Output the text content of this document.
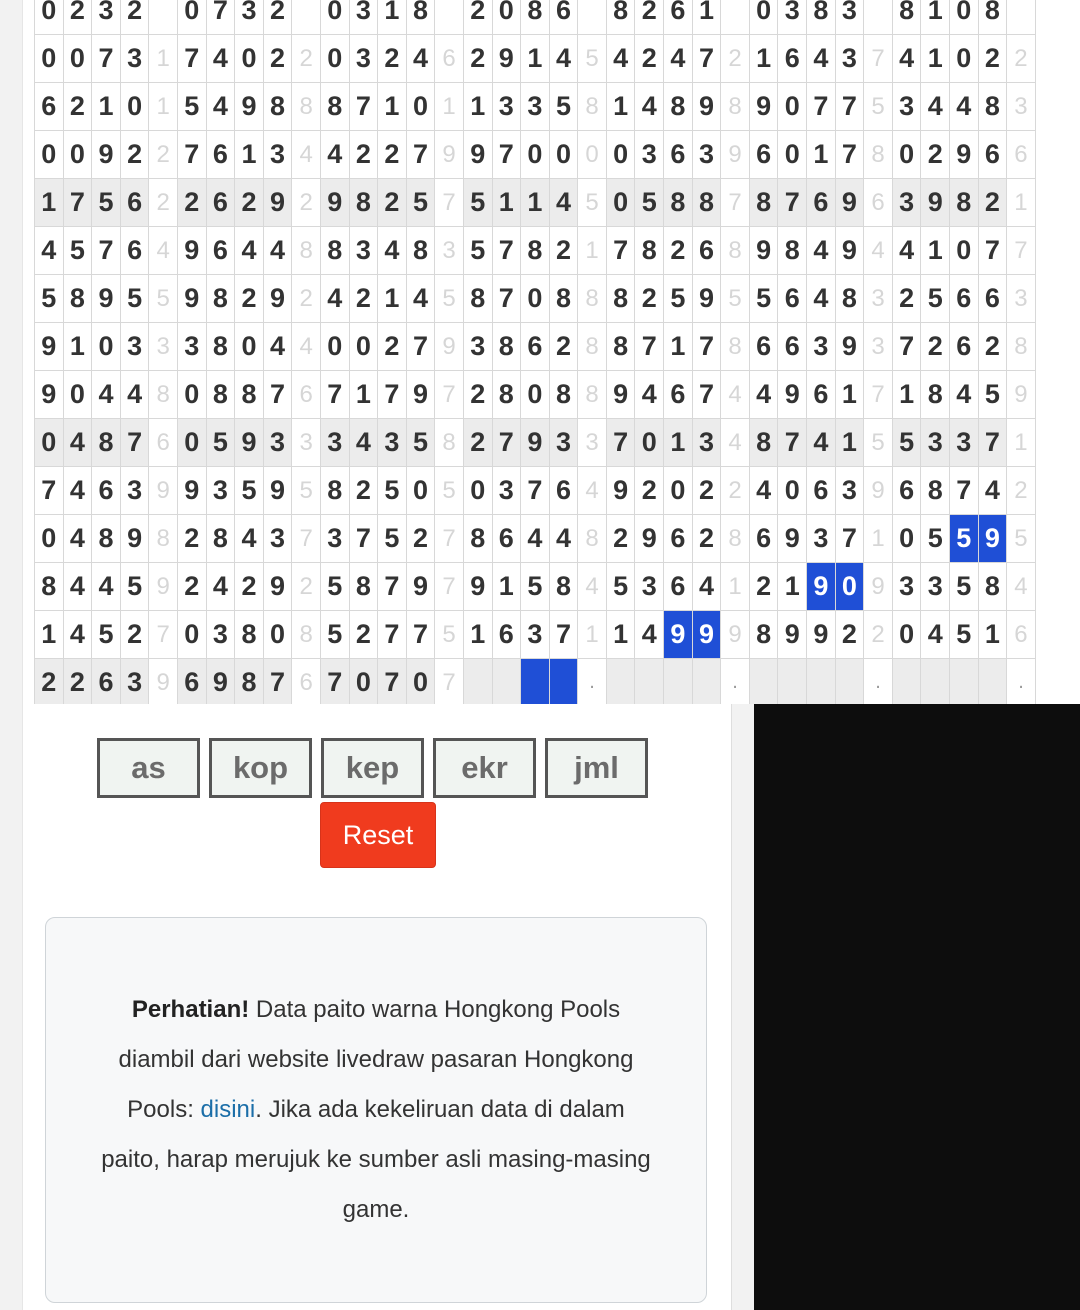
0	2	3	2		0	7	3	2		0	3	1	8		2	0	8	6		8	2	6	1		0	3	8	3		8	1	0	8	
0	0	7	3	1	7	4	0	2	2	0	3	2	4	6	2	9	1	4	5	4	2	4	7	2	1	6	4	3	7	4	1	0	2	2
6	2	1	0	1	5	4	9	8	8	8	7	1	0	1	1	3	3	5	8	1	4	8	9	8	9	0	7	7	5	3	4	4	8	3
0	0	9	2	2	7	6	1	3	4	4	2	2	7	9	9	7	0	0	0	0	3	6	3	9	6	0	1	7	8	0	2	9	6	6
1	7	5	6	2	2	6	2	9	2	9	8	2	5	7	5	1	1	4	5	0	5	8	8	7	8	7	6	9	6	3	9	8	2	1
4	5	7	6	4	9	6	4	4	8	8	3	4	8	3	5	7	8	2	1	7	8	2	6	8	9	8	4	9	4	4	1	0	7	7
5	8	9	5	5	9	8	2	9	2	4	2	1	4	5	8	7	0	8	8	8	2	5	9	5	5	6	4	8	3	2	5	6	6	3
9	1	0	3	3	3	8	0	4	4	0	0	2	7	9	3	8	6	2	8	8	7	1	7	8	6	6	3	9	3	7	2	6	2	8
9	0	4	4	8	0	8	8	7	6	7	1	7	9	7	2	8	0	8	8	9	4	6	7	4	4	9	6	1	7	1	8	4	5	9
0	4	8	7	6	0	5	9	3	3	3	4	3	5	8	2	7	9	3	3	7	0	1	3	4	8	7	4	1	5	5	3	3	7	1
7	4	6	3	9	9	3	5	9	5	8	2	5	0	5	0	3	7	6	4	9	2	0	2	2	4	0	6	3	9	6	8	7	4	2
0	4	8	9	8	2	8	4	3	7	3	7	5	2	7	8	6	4	4	8	2	9	6	2	8	6	9	3	7	1	0	5	5	9	5
8	4	4	5	9	2	4	2	9	2	5	8	7	9	7	9	1	5	8	4	5	3	6	4	1	2	1	9	0	9	3	3	5	8	4
1	4	5	2	7	0	3	8	0	8	5	2	7	7	5	1	6	3	7	1	1	4	9	9	9	8	9	9	2	2	0	4	5	1	6
2	2	6	3	9	6	9	8	7	6	7	0	7	0	7					.					.					.					.
as	kop	kep	ekr	jml
Reset

Perhatian! Data paito warna Hongkong Pools diambil dari website livedraw pasaran Hongkong Pools: disini. Jika ada kekeliruan data di dalam paito, harap merujuk ke sumber asli masing-masing game.
